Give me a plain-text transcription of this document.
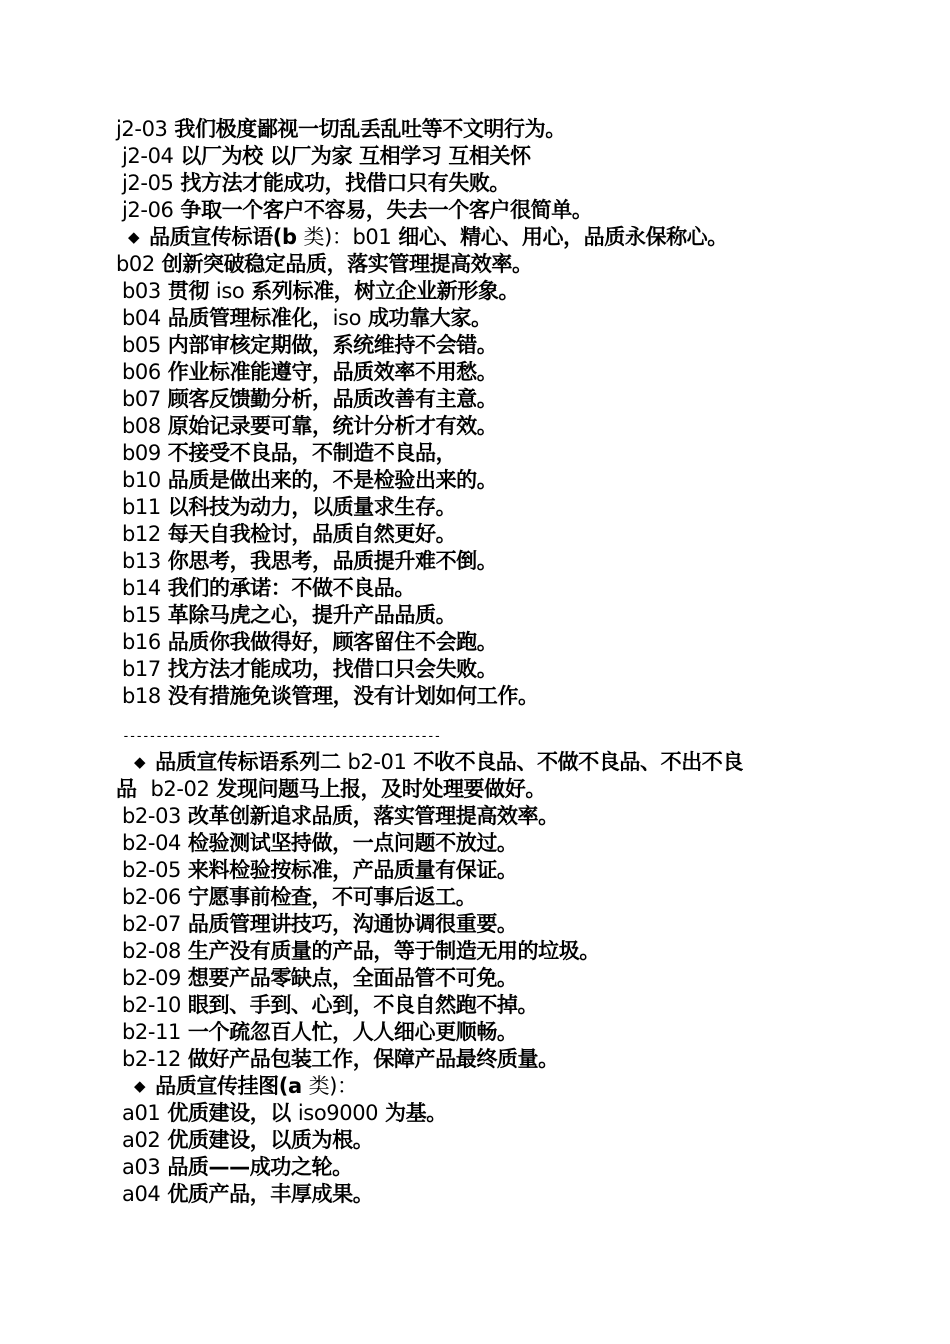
j2-03 我们极度鄙视一切乱丢乱吐等不文明行为。
j2-04 以厂为校 以厂为家 互相学习 互相关怀
j2-05 找方法才能成功，找借口只有失败。
j2-06 争取一个客户不容易，失去一个客户很简单。
◆ 品质宣传标语(b 类)：b01 细心、精心、用心，品质永保称心。
b02 创新突破稳定品质，落实管理提高效率。
b03 贯彻 iso 系列标准，树立企业新形象。
b04 品质管理标准化，iso 成功靠大家。
b05 内部审核定期做，系统维持不会错。
b06 作业标准能遵守，品质效率不用愁。
b07 顾客反馈勤分析，品质改善有主意。
b08 原始记录要可靠，统计分析才有效。
b09 不接受不良品，不制造不良品，
b10 品质是做出来的，不是检验出来的。
b11 以科技为动力，以质量求生存。
b12 每天自我检讨，品质自然更好。
b13 你思考，我思考，品质提升难不倒。
b14 我们的承诺：不做不良品。
b15 革除马虎之心，提升产品品质。
b16 品质你我做得好，顾客留住不会跑。
b17 找方法才能成功，找借口只会失败。
b18 没有措施免谈管理，没有计划如何工作。
------------------------------------------------
◆ 品质宣传标语系列二 b2-01 不收不良品、不做不良品、不出不良
品 b2-02 发现问题马上报，及时处理要做好。
b2-03 改革创新追求品质，落实管理提高效率。
b2-04 检验测试坚持做，一点问题不放过。
b2-05 来料检验按标准，产品质量有保证。
b2-06 宁愿事前检查，不可事后返工。
b2-07 品质管理讲技巧，沟通协调很重要。
b2-08 生产没有质量的产品，等于制造无用的垃圾。
b2-09 想要产品零缺点，全面品管不可免。
b2-10 眼到、手到、心到，不良自然跑不掉。
b2-11 一个疏忽百人忙，人人细心更顺畅。
b2-12 做好产品包装工作，保障产品最终质量。
◆ 品质宣传挂图(a 类)：
a01 优质建设，以 iso9000 为基。
a02 优质建设，以质为根。
a03 品质——成功之轮。
a04 优质产品，丰厚成果。
